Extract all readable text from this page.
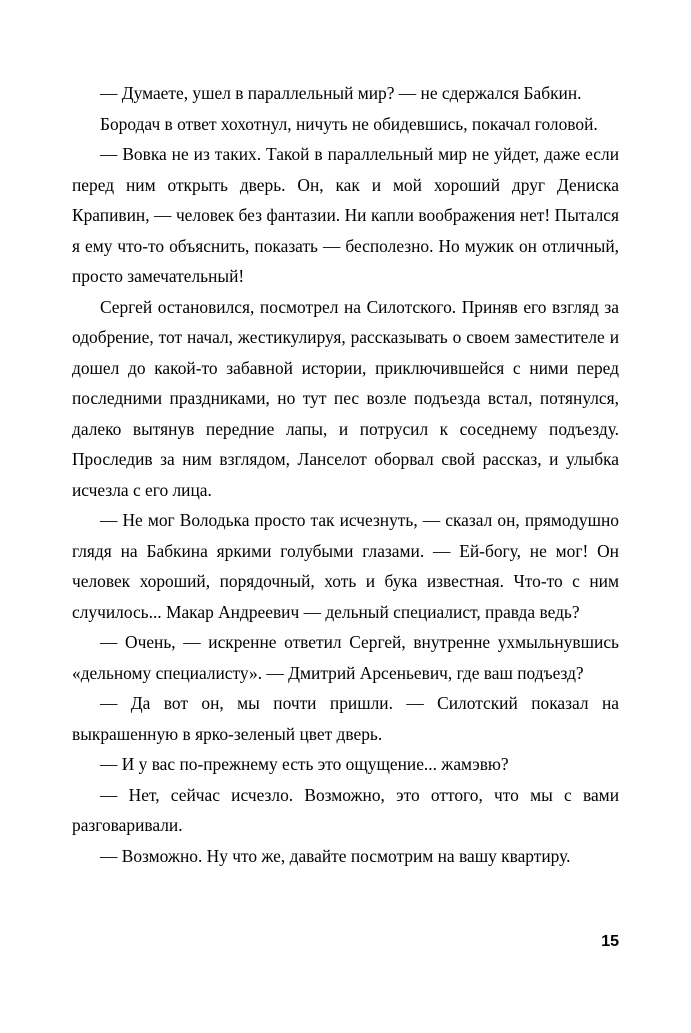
— Думаете, ушел в параллельный мир? — не сдержался Бабкин.

Бородач в ответ хохотнул, ничуть не обидевшись, покачал головой.

— Вовка не из таких. Такой в параллельный мир не уйдет, даже если перед ним открыть дверь. Он, как и мой хороший друг Дениска Крапивин, — человек без фантазии. Ни капли воображения нет! Пытался я ему что-то объяснить, показать — бесполезно. Но мужик он отличный, просто замечательный!

Сергей остановился, посмотрел на Силотского. Приняв его взгляд за одобрение, тот начал, жестикулируя, рассказывать о своем заместителе и дошел до какой-то забавной истории, приключившейся с ними перед последними праздниками, но тут пес возле подъезда встал, потянулся, далеко вытянув передние лапы, и потрусил к соседнему подъезду. Проследив за ним взглядом, Ланселот оборвал свой рассказ, и улыбка исчезла с его лица.

— Не мог Володька просто так исчезнуть, — сказал он, прямодушно глядя на Бабкина яркими голубыми глазами. — Ей-богу, не мог! Он человек хороший, порядочный, хоть и бука известная. Что-то с ним случилось... Макар Андреевич — дельный специалист, правда ведь?

— Очень, — искренне ответил Сергей, внутренне ухмыльнувшись «дельному специалисту». — Дмитрий Арсеньевич, где ваш подъезд?

— Да вот он, мы почти пришли. — Силотский показал на выкрашенную в ярко-зеленый цвет дверь.

— И у вас по-прежнему есть это ощущение... жамэвю?

— Нет, сейчас исчезло. Возможно, это оттого, что мы с вами разговаривали.

— Возможно. Ну что же, давайте посмотрим на вашу квартиру.

15
